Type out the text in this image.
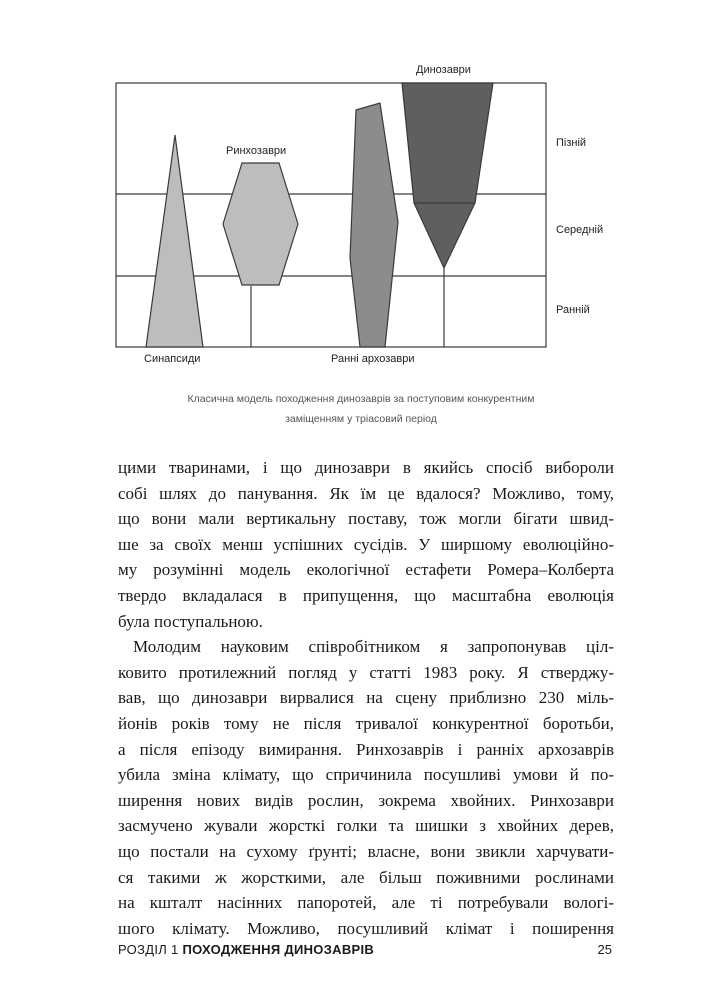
Динозаври
Ринхозаври
Синапсиди	Ранні архозаври
Пізній
Середній
Ранній
Класична модель походження динозаврів за поступовим конкурентним
заміщенням у тріасовий період
цими тваринами, і що динозаври в якийсь спосіб вибороли
собі шлях до панування. Як їм це вдалося? Можливо, тому,
що вони мали вертикальну поставу, тож могли бігати швид-
ше за своїх менш успішних сусідів. У ширшому еволюційно-
му розумінні модель екологічної естафети Ромера–Колберта
твердо вкладалася в припущення, що масштабна еволюція
була поступальною.
Молодим науковим співробітником я запропонував цiл-
ковито протилежний погляд у статті 1983 року. Я стверджу-
вав, що динозаври вирвалися на сцену приблизно 230 міль-
йонів років тому не після тривалої конкурентної боротьби,
а після епізоду вимирання. Ринхозаврів і ранніх архозаврів
убила зміна клімату, що спричинила посушливі умови й по-
ширення нових видів рослин, зокрема хвойних. Ринхозаври
засмучено жували жорсткі голки та шишки з хвойних дерев,
що постали на сухому ґрунті; власне, вони звикли харчувати-
ся такими ж жорсткими, але більш поживними рослинами
на кшталт насінних папоротей, але ті потребували вологі-
шого клімату. Можливо, посушливий клімат і поширення
РОЗДІЛ 1 ПОХОДЖЕННЯ ДИНОЗАВРІВ	25
